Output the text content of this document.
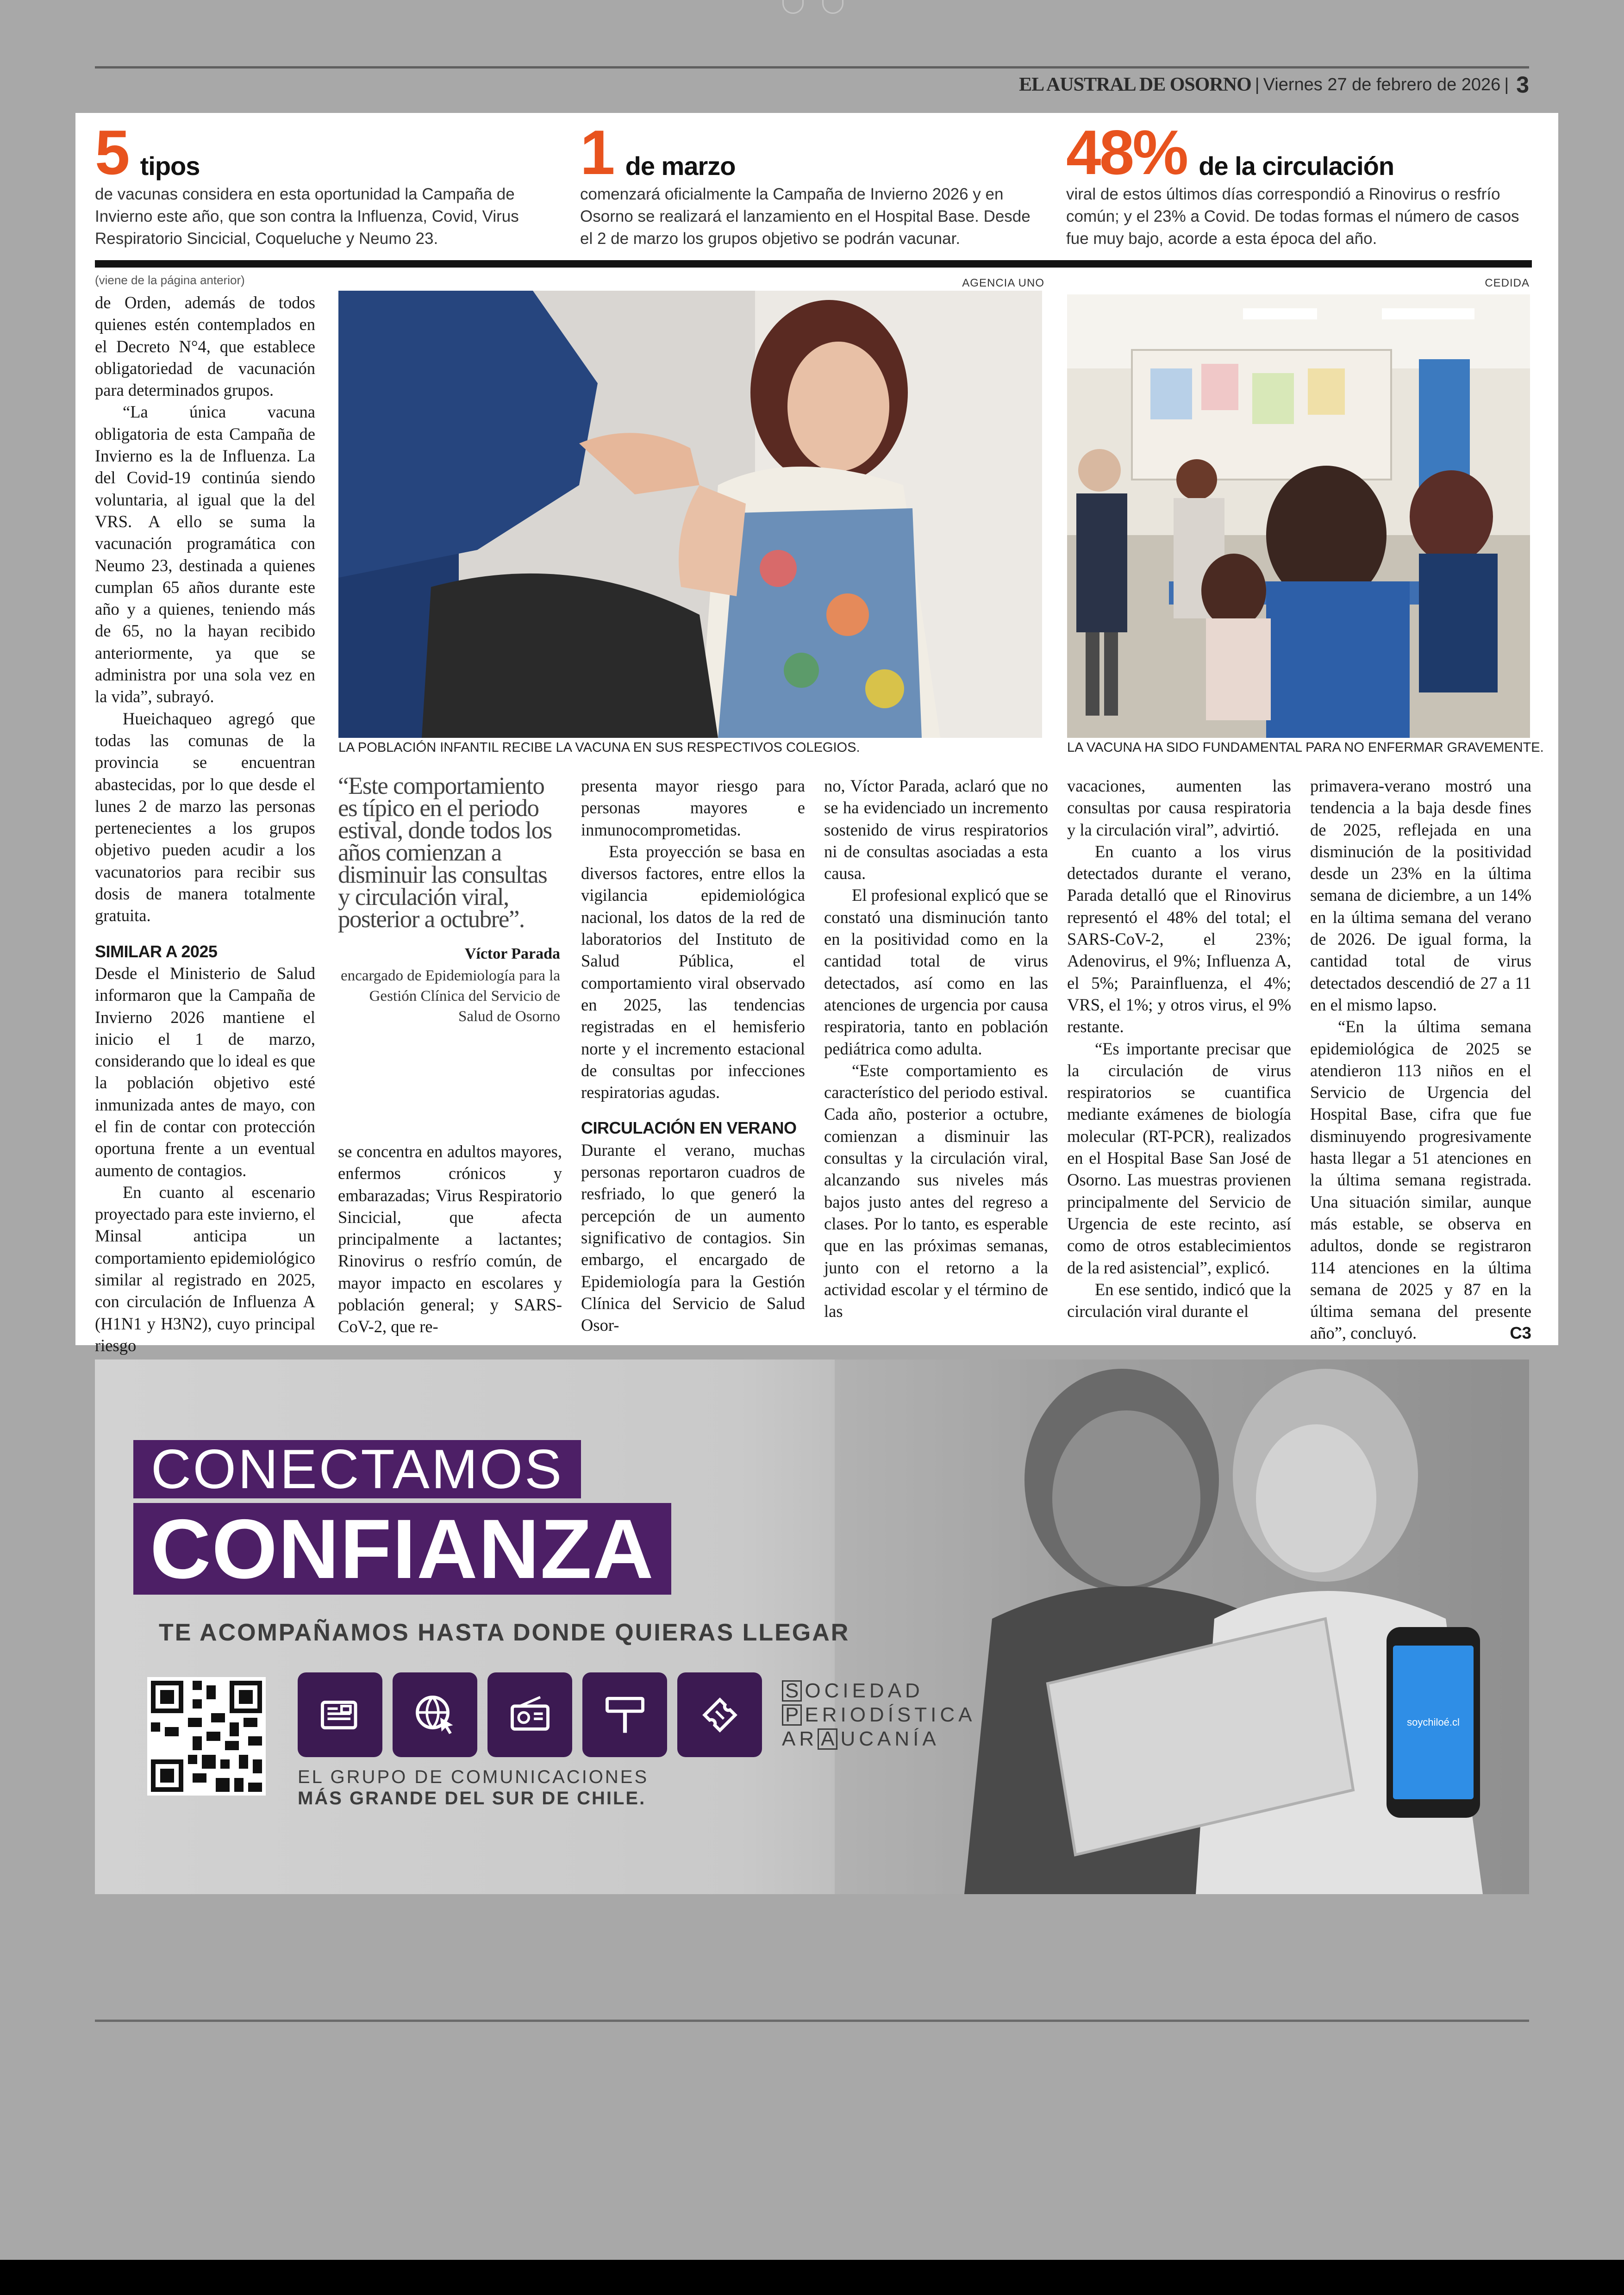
EL AUSTRAL DE OSORNO | Viernes 27 de febrero de 2026 | 3
5 tipos
de vacunas considera en esta oportunidad la Campaña de Invierno este año, que son contra la Influenza, Covid, Virus Respiratorio Sincicial, Coqueluche y Neumo 23.
1 de marzo
comenzará oficialmente la Campaña de Invierno 2026 y en Osorno se realizará el lanzamiento en el Hospital Base. Desde el 2 de marzo los grupos objetivo se podrán vacunar.
48% de la circulación
viral de estos últimos días correspondió a Rinovirus o resfrío común; y el 23% a Covid. De todas formas el número de casos fue muy bajo, acorde a esta época del año.
(viene de la página anterior)	AGENCIA UNO
LA POBLACIÓN INFANTIL RECIBE LA VACUNA EN SUS RESPECTIVOS COLEGIOS.
CEDIDA
LA VACUNA HA SIDO FUNDAMENTAL PARA NO ENFERMAR GRAVEMENTE.

de Orden, además de todos quienes estén contemplados en el Decreto N°4, que establece obligatoriedad de vacunación para determinados grupos.

“La única vacuna obligatoria de esta Campaña de Invierno es la de Influenza. La del Covid-19 continúa siendo voluntaria, al igual que la del VRS. A ello se suma la vacunación programática con Neumo 23, destinada a quienes cumplan 65 años durante este año y a quienes, teniendo más de 65, no la hayan recibido anteriormente, ya que se administra por una sola vez en la vida”, subrayó.

Hueichaqueo agregó que todas las comunas de la provincia se encuentran abastecidas, por lo que desde el lunes 2 de marzo las personas pertenecientes a los grupos objetivo pueden acudir a los vacunatorios para recibir sus dosis de manera totalmente gratuita.

SIMILAR A 2025

Desde el Ministerio de Salud informaron que la Campaña de Invierno 2026 mantiene el inicio el 1 de marzo, considerando que lo ideal es que la población objetivo esté inmunizada antes de mayo, con el fin de contar con protección oportuna frente a un eventual aumento de contagios.

En cuanto al escenario proyectado para este invierno, el Minsal anticipa un comportamiento epidemiológico similar al registrado en 2025, con circulación de Influenza A (H1N1 y H3N2), cuyo principal riesgo

“Este comportamiento es típico en el periodo estival, donde todos los años comienzan a disminuir las consultas y circulación viral, posterior a octubre”.
Víctor Parada
encargado de Epidemiología para la Gestión Clínica del Servicio de Salud de Osorno

se concentra en adultos mayores, enfermos crónicos y embarazadas; Virus Respiratorio Sincicial, que afecta principalmente a lactantes; Rinovirus o resfrío común, de mayor impacto en escolares y población general; y SARS-CoV-2, que re-

presenta mayor riesgo para personas mayores e inmunocomprometidas.

Esta proyección se basa en diversos factores, entre ellos la vigilancia epidemiológica nacional, los datos de la red de laboratorios del Instituto de Salud Pública, el comportamiento viral observado en 2025, las tendencias registradas en el hemisferio norte y el incremento estacional de consultas por infecciones respiratorias agudas.

CIRCULACIÓN EN VERANO

Durante el verano, muchas personas reportaron cuadros de resfriado, lo que generó la percepción de un aumento significativo de contagios. Sin embargo, el encargado de Epidemiología para la Gestión Clínica del Servicio de Salud Osor-

no, Víctor Parada, aclaró que no se ha evidenciado un incremento sostenido de virus respiratorios ni de consultas asociadas a esta causa.

El profesional explicó que se constató una disminución tanto en la positividad como en la cantidad total de virus detectados, así como en las atenciones de urgencia por causa respiratoria, tanto en población pediátrica como adulta.

“Este comportamiento es característico del periodo estival. Cada año, posterior a octubre, comienzan a disminuir las consultas y la circulación viral, alcanzando sus niveles más bajos justo antes del regreso a clases. Por lo tanto, es esperable que en las próximas semanas, junto con el retorno a la actividad escolar y el término de las

vacaciones, aumenten las consultas por causa respiratoria y la circulación viral”, advirtió.

En cuanto a los virus detectados durante el verano, Parada detalló que el Rinovirus representó el 48% del total; el SARS-CoV-2, el 23%; Adenovirus, el 9%; Influenza A, el 5%; Parainfluenza, el 4%; VRS, el 1%; y otros virus, el 9% restante.

“Es importante precisar que la circulación de virus respiratorios se cuantifica mediante exámenes de biología molecular (RT-PCR), realizados en el Hospital Base San José de Osorno. Las muestras provienen principalmente del Servicio de Urgencia de este recinto, así como de otros establecimientos de la red asistencial”, explicó.

En ese sentido, indicó que la circulación viral durante el

primavera-verano mostró una tendencia a la baja desde fines de 2025, reflejada en una disminución de la positividad desde un 23% en la última semana de diciembre, a un 14% en la última semana del verano de 2026. De igual forma, la cantidad total de virus detectados descendió de 27 a 11 en el mismo lapso.

“En la última semana epidemiológica de 2025 se atendieron 113 niños en el Servicio de Urgencia del Hospital Base, cifra que fue disminuyendo progresivamente hasta llegar a 51 atenciones en la última semana registrada. Una situación similar, aunque más estable, se observa en adultos, donde se registraron 114 atenciones en la última semana de 2025 y 87 en la última semana del presente año”, concluyó.	C3

CONECTAMOS
CONFIANZA
TE ACOMPAÑAMOS HASTA DONDE QUIERAS LLEGAR
S OCIEDAD
P ERIODÍSTICA
AR A UCANÍA
EL GRUPO DE COMUNICACIONES
MÁS GRANDE DEL SUR DE CHILE.
soychiloé.cl
